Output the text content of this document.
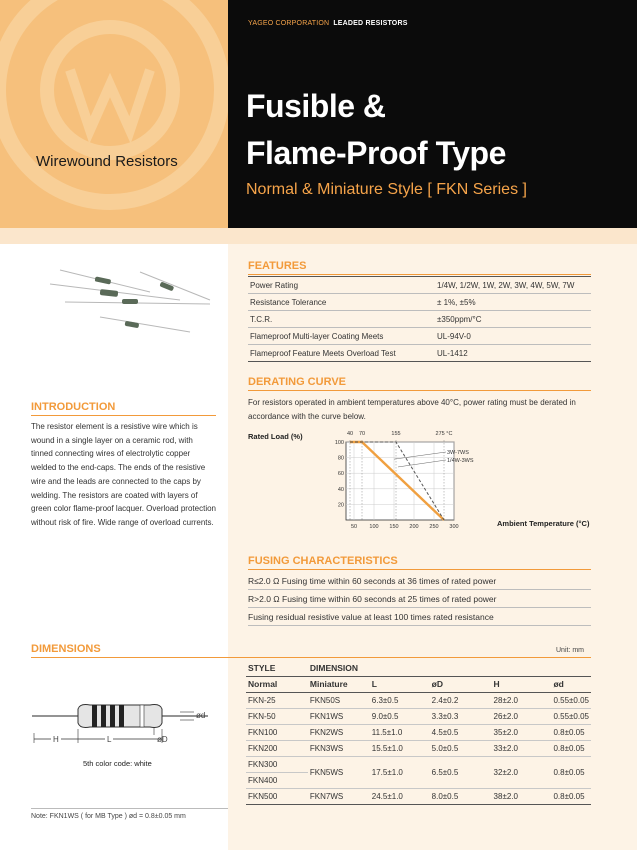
YAGEO CORPORATION LEADED RESISTORS
Wirewound Resistors
Fusible &
Flame-Proof Type
Normal & Miniature Style [ FKN Series ]
FEATURES
Power Rating	1/4W, 1/2W, 1W, 2W, 3W, 4W, 5W, 7W
Resistance Tolerance	± 1%, ±5%
T.C.R.	±350ppm/°C
Flameproof Multi-layer Coating Meets	UL-94V-0
Flameproof Feature Meets Overload Test	UL-1412
INTRODUCTION
The resistor element is a resistive wire which is wound in a single layer on a ceramic rod, with tinned connecting wires of electrolytic copper welded to the end-caps. The ends of the resistive wire and the leads are connected to the caps by welding. The resistors are coated with layers of green color flame-proof lacquer. Overload protection without risk of fire. Wide range of overload currents.
DERATING CURVE
For resistors operated in ambient temperatures above 40°C, power rating must be derated in accordance with the curve below.
Rated Load (%)
Ambient Temperature (°C)
20
40
60
80
100
50 100 150 200 250 300
40 70	155	275 °C
3W-7WS
1/4W-3WS
FUSING CHARACTERISTICS
R≤2.0 Ω Fusing time within 60 seconds at 36 times of rated power
R>2.0 Ω Fusing time within 60 seconds at 25 times of rated power
Fusing residual resistive value at least 100 times rated resistance
DIMENSIONS	Unit: mm
H	L
ød
øD
5th color code: white
STYLE	DIMENSION				
Normal	Miniature	L	øD	H	ød
FKN-25	FKN50S	6.3±0.5	2.4±0.2	28±2.0	0.55±0.05
FKN-50	FKN1WS	9.0±0.5	3.3±0.3	26±2.0	0.55±0.05
FKN100	FKN2WS	11.5±1.0	4.5±0.5	35±2.0	0.8±0.05
FKN200	FKN3WS	15.5±1.0	5.0±0.5	33±2.0	0.8±0.05
FKN300	FKN5WS	17.5±1.0	6.5±0.5	32±2.0	0.8±0.05
FKN400					
FKN500	FKN7WS	24.5±1.0	8.0±0.5	38±2.0	0.8±0.05
Note: FKN1WS ( for MB Type ) ød = 0.8±0.05 mm
